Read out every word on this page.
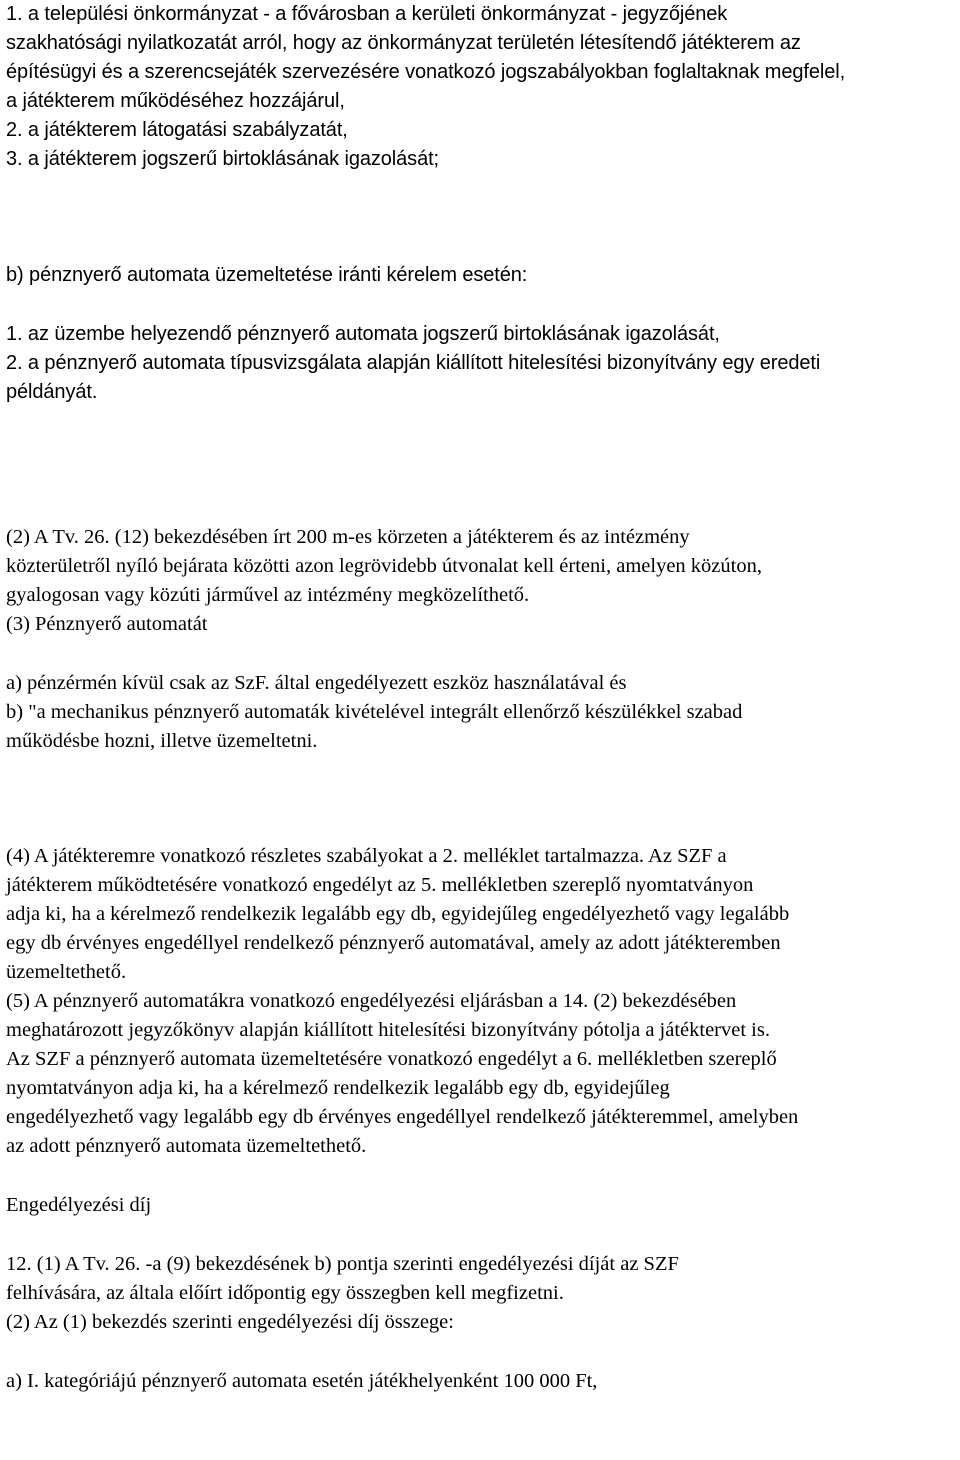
1. a települési önkormányzat - a fővárosban a kerületi önkormányzat - jegyzőjének
szakhatósági nyilatkozatát arról, hogy az önkormányzat területén létesítendő játékterem az
építésügyi és a szerencsejáték szervezésére vonatkozó jogszabályokban foglaltaknak megfelel,
a játékterem működéséhez hozzájárul,
2. a játékterem látogatási szabályzatát,
3. a játékterem jogszerű birtoklásának igazolását;
b) pénznyerő automata üzemeltetése iránti kérelem esetén:
1. az üzembe helyezendő pénznyerő automata jogszerű birtoklásának igazolását,
2. a pénznyerő automata típusvizsgálata alapján kiállított hitelesítési bizonyítvány egy eredeti
példányát.
(2) A Tv. 26. (12) bekezdésében írt 200 m-es körzeten a játékterem és az intézmény
közterületről nyíló bejárata közötti azon legrövidebb útvonalat kell érteni, amelyen közúton,
gyalogosan vagy közúti járművel az intézmény megközelíthető.
(3) Pénznyerő automatát
a) pénzérmén kívül csak az SzF. által engedélyezett eszköz használatával és
b) "a mechanikus pénznyerő automaták kivételével integrált ellenőrző készülékkel szabad
működésbe hozni, illetve üzemeltetni.
(4) A játékteremre vonatkozó részletes szabályokat a 2. melléklet tartalmazza. Az SZF a
játékterem működtetésére vonatkozó engedélyt az 5. mellékletben szereplő nyomtatványon
adja ki, ha a kérelmező rendelkezik legalább egy db, egyidejűleg engedélyezhető vagy legalább
egy db érvényes engedéllyel rendelkező pénznyerő automatával, amely az adott játékteremben
üzemeltethető.
(5) A pénznyerő automatákra vonatkozó engedélyezési eljárásban a 14. (2) bekezdésében
meghatározott jegyzőkönyv alapján kiállított hitelesítési bizonyítvány pótolja a játéktervet is.
Az SZF a pénznyerő automata üzemeltetésére vonatkozó engedélyt a 6. mellékletben szereplő
nyomtatványon adja ki, ha a kérelmező rendelkezik legalább egy db, egyidejűleg
engedélyezhető vagy legalább egy db érvényes engedéllyel rendelkező játékteremmel, amelyben
az adott pénznyerő automata üzemeltethető.
Engedélyezési díj
12. (1) A Tv. 26. -a (9) bekezdésének b) pontja szerinti engedélyezési díját az SZF
felhívására, az általa előírt időpontig egy összegben kell megfizetni.
(2) Az (1) bekezdés szerinti engedélyezési díj összege:
a) I. kategóriájú pénznyerő automata esetén játékhelyenként 100 000 Ft,
